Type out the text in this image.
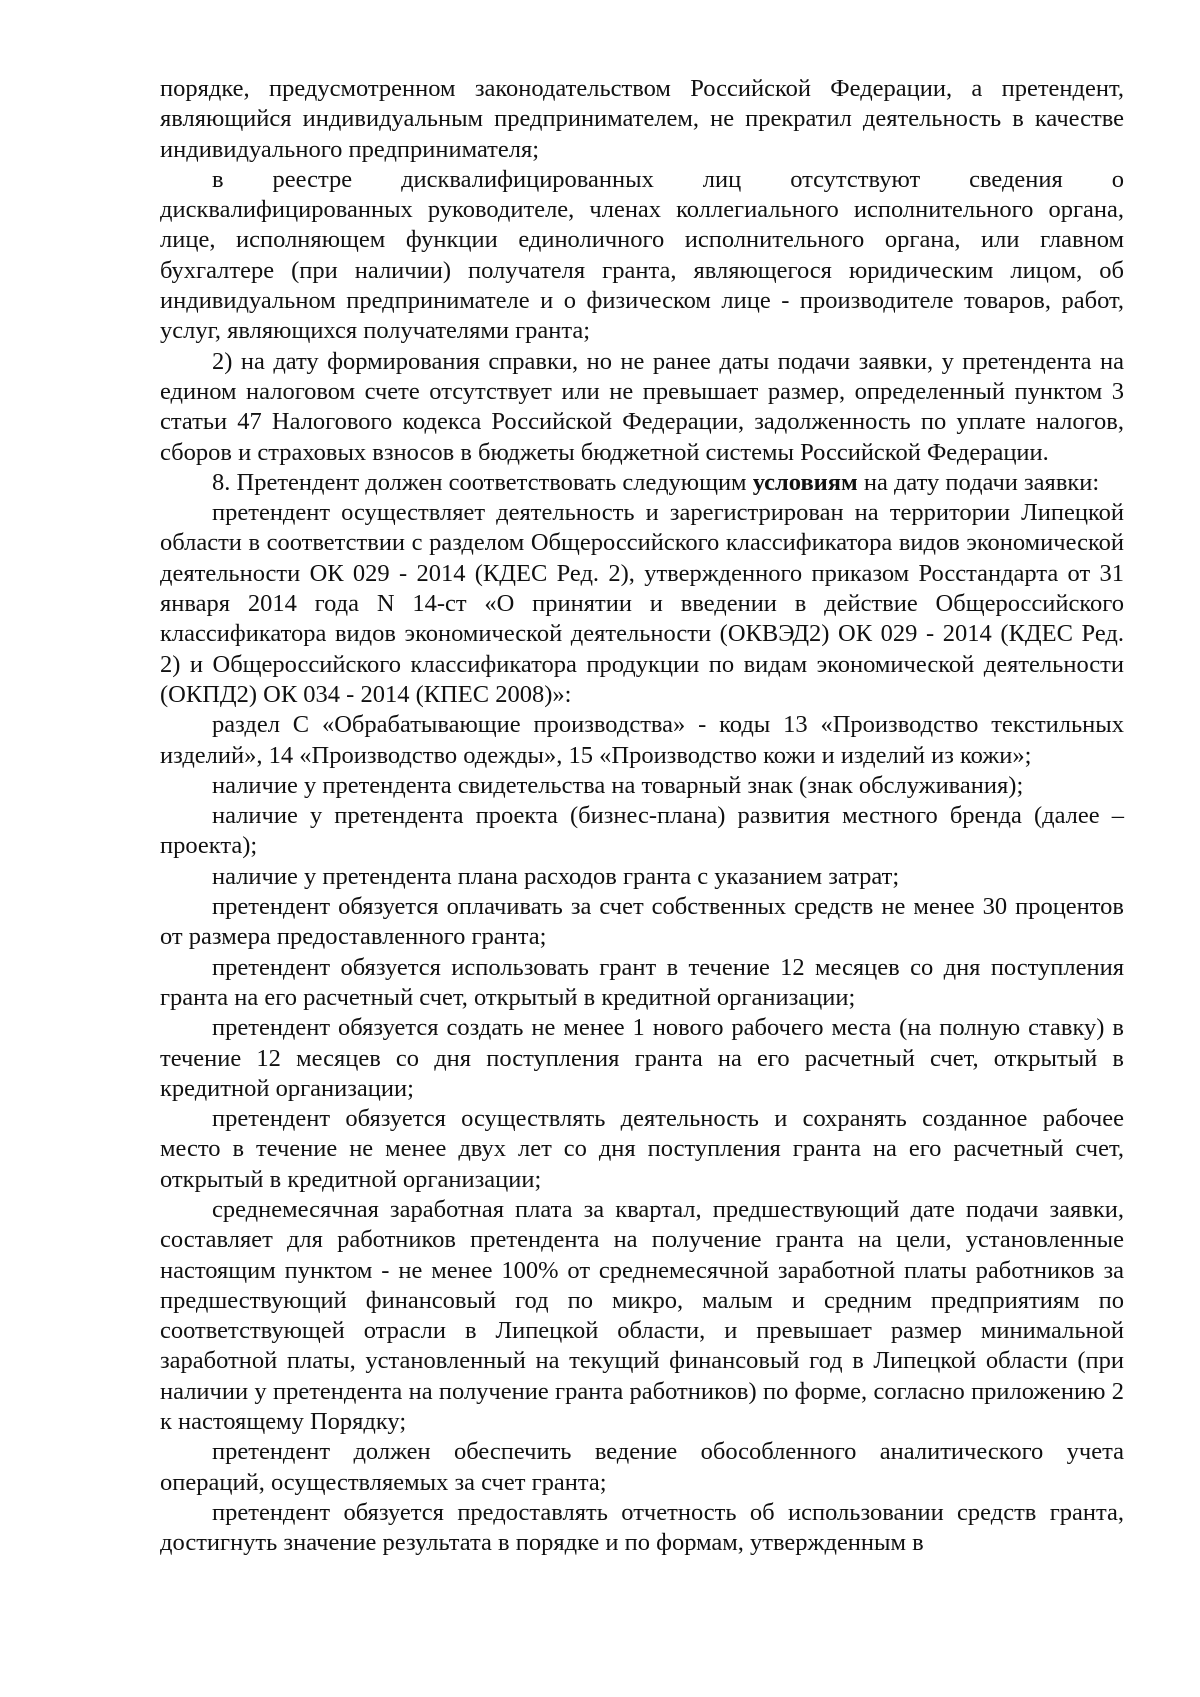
порядке, предусмотренном законодательством Российской Федерации, а претендент, являющийся индивидуальным предпринимателем, не прекратил деятельность в качестве индивидуального предпринимателя;

в реестре дисквалифицированных лиц отсутствуют сведения о дисквалифицированных руководителе, членах коллегиального исполнительного органа, лице, исполняющем функции единоличного исполнительного органа, или главном бухгалтере (при наличии) получателя гранта, являющегося юридическим лицом, об индивидуальном предпринимателе и о физическом лице - производителе товаров, работ, услуг, являющихся получателями гранта;

2) на дату формирования справки, но не ранее даты подачи заявки, у претендента на едином налоговом счете отсутствует или не превышает размер, определенный пунктом 3 статьи 47 Налогового кодекса Российской Федерации, задолженность по уплате налогов, сборов и страховых взносов в бюджеты бюджетной системы Российской Федерации.

8. Претендент должен соответствовать следующим условиям на дату подачи заявки:

претендент осуществляет деятельность и зарегистрирован на территории Липецкой области в соответствии с разделом Общероссийского классификатора видов экономической деятельности ОК 029 - 2014 (КДЕС Ред. 2), утвержденного приказом Росстандарта от 31 января 2014 года N 14-ст «О принятии и введении в действие Общероссийского классификатора видов экономической деятельности (ОКВЭД2) ОК 029 - 2014 (КДЕС Ред. 2) и Общероссийского классификатора продукции по видам экономической деятельности (ОКПД2) ОК 034 - 2014 (КПЕС 2008)»:

раздел С «Обрабатывающие производства» - коды 13 «Производство текстильных изделий», 14 «Производство одежды», 15 «Производство кожи и изделий из кожи»;

наличие у претендента свидетельства на товарный знак (знак обслуживания);

наличие у претендента проекта (бизнес-плана) развития местного бренда (далее – проекта);

наличие у претендента плана расходов гранта с указанием затрат;

претендент обязуется оплачивать за счет собственных средств не менее 30 процентов от размера предоставленного гранта;

претендент обязуется использовать грант в течение 12 месяцев со дня поступления гранта на его расчетный счет, открытый в кредитной организации;

претендент обязуется создать не менее 1 нового рабочего места (на полную ставку) в течение 12 месяцев со дня поступления гранта на его расчетный счет, открытый в кредитной организации;

претендент обязуется осуществлять деятельность и сохранять созданное рабочее место в течение не менее двух лет со дня поступления гранта на его расчетный счет, открытый в кредитной организации;

среднемесячная заработная плата за квартал, предшествующий дате подачи заявки, составляет для работников претендента на получение гранта на цели, установленные настоящим пунктом - не менее 100% от среднемесячной заработной платы работников за предшествующий финансовый год по микро, малым и средним предприятиям по соответствующей отрасли в Липецкой области, и превышает размер минимальной заработной платы, установленный на текущий финансовый год в Липецкой области (при наличии у претендента на получение гранта работников) по форме, согласно приложению 2 к настоящему Порядку;

претендент должен обеспечить ведение обособленного аналитического учета операций, осуществляемых за счет гранта;

претендент обязуется предоставлять отчетность об использовании средств гранта, достигнуть значение результата в порядке и по формам, утвержденным в
